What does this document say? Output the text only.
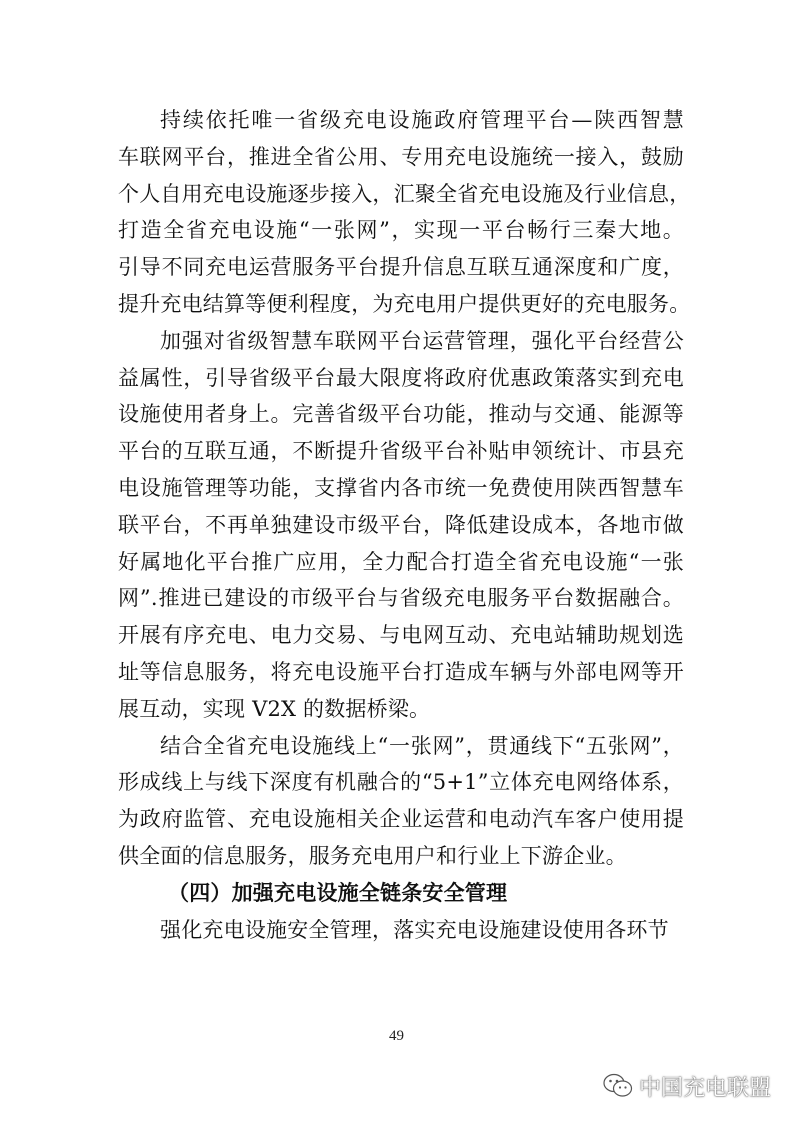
持续依托唯一省级充电设施政府管理平台—陕西智慧
车联网平台，推进全省公用、专用充电设施统一接入，鼓励
个人自用充电设施逐步接入，汇聚全省充电设施及行业信息，
打造全省充电设施“一张网”，实现一平台畅行三秦大地。
引导不同充电运营服务平台提升信息互联互通深度和广度，
提升充电结算等便利程度，为充电用户提供更好的充电服务。
加强对省级智慧车联网平台运营管理，强化平台经营公
益属性，引导省级平台最大限度将政府优惠政策落实到充电
设施使用者身上。完善省级平台功能，推动与交通、能源等
平台的互联互通，不断提升省级平台补贴申领统计、市县充
电设施管理等功能，支撑省内各市统一免费使用陕西智慧车
联平台，不再单独建设市级平台，降低建设成本，各地市做
好属地化平台推广应用，全力配合打造全省充电设施“一张
网”.推进已建设的市级平台与省级充电服务平台数据融合。
开展有序充电、电力交易、与电网互动、充电站辅助规划选
址等信息服务，将充电设施平台打造成车辆与外部电网等开
展互动，实现 V2X 的数据桥梁。
结合全省充电设施线上“一张网”，贯通线下“五张网”，
形成线上与线下深度有机融合的“5+1”立体充电网络体系，
为政府监管、充电设施相关企业运营和电动汽车客户使用提
供全面的信息服务，服务充电用户和行业上下游企业。
（四）加强充电设施全链条安全管理
强化充电设施安全管理，落实充电设施建设使用各环节
49
中国充电联盟
